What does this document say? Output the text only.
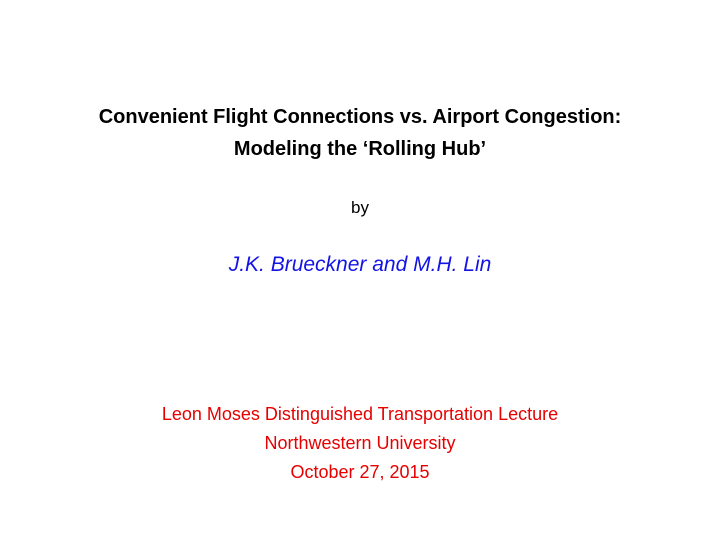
Convenient Flight Connections vs. Airport Congestion:
Modeling the ‘Rolling Hub’
by
J.K. Brueckner and M.H. Lin
Leon Moses Distinguished Transportation Lecture
Northwestern University
October 27, 2015
